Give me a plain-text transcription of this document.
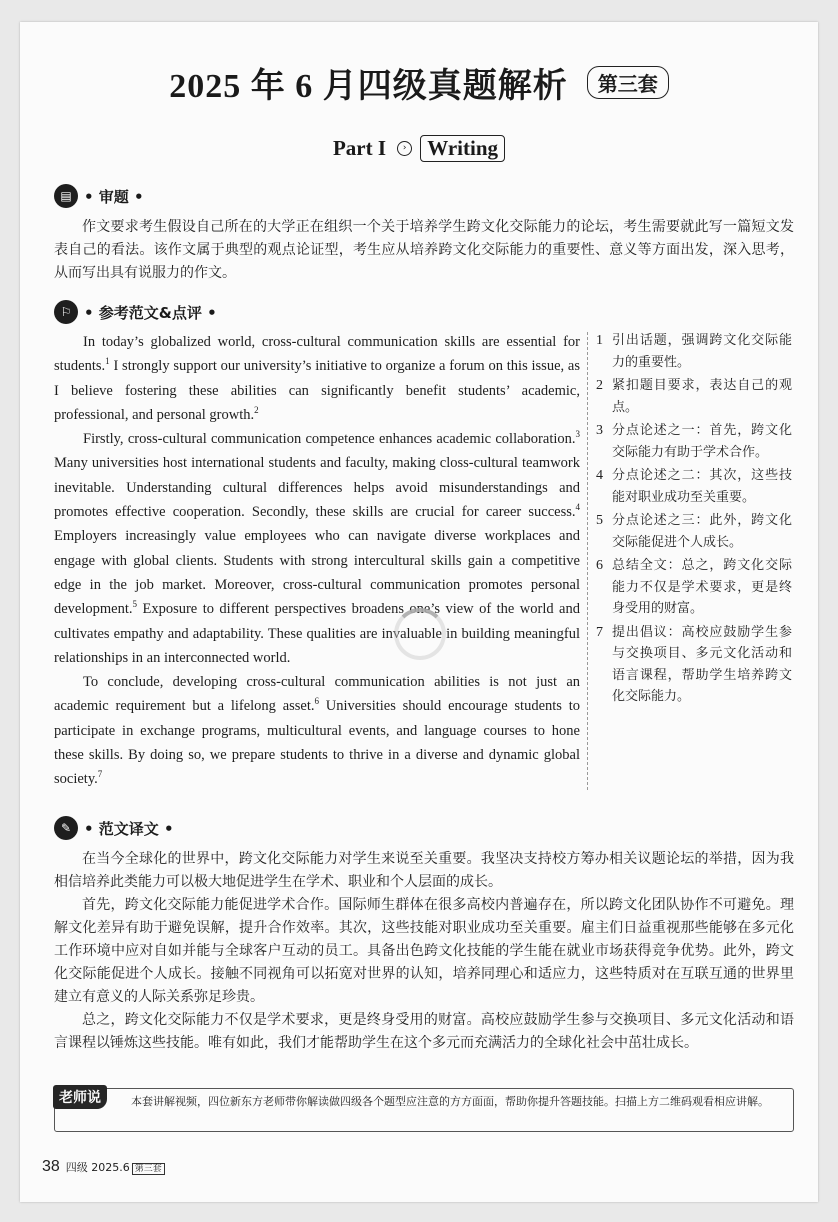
2025 年 6 月四级真题解析 第三套
Part I › Writing
▤ • 审题 •

作文要求考生假设自己所在的大学正在组织一个关于培养学生跨文化交际能力的论坛，考生需要就此写一篇短文发表自己的看法。该作文属于典型的观点论证型，考生应从培养跨文化交际能力的重要性、意义等方面出发，深入思考，从而写出具有说服力的作文。

⚐ • 参考范文&点评 •

In today’s globalized world, cross-cultural communication skills are essential for students.$^1$ I strongly support our university’s initiative to organize a forum on this issue, as I believe fostering these abilities can significantly benefit students’ academic, professional, and personal growth.$^2$

Firstly, cross-cultural communication competence enhances academic collaboration.$^3$ Many universities host international students and faculty, making closs-cultural teamwork inevitable. Understanding cultural differences helps avoid misunderstandings and promotes effective cooperation. Secondly, these skills are crucial for career success.$^4$ Employers increasingly value employees who can navigate diverse workplaces and engage with global clients. Students with strong intercultural skills gain a competitive edge in the job market. Moreover, cross-cultural communication promotes personal development.$^5$ Exposure to different perspectives broadens one’s view of the world and cultivates empathy and adaptability. These qualities are invaluable in building meaningful relationships in an interconnected world.

To conclude, developing cross-cultural communication abilities is not just an academic requirement but a lifelong asset.$^6$ Universities should encourage students to participate in exchange programs, multicultural events, and language courses to hone these skills. By doing so, we prepare students to thrive in a diverse and dynamic global society.$^7$

1 引出话题，强调跨文化交际能力的重要性。
2 紧扣题目要求，表达自己的观点。
3 分点论述之一：首先，跨文化交际能力有助于学术合作。
4 分点论述之二：其次，这些技能对职业成功至关重要。
5 分点论述之三：此外，跨文化交际能促进个人成长。
6 总结全文：总之，跨文化交际能力不仅是学术要求，更是终身受用的财富。
7 提出倡议：高校应鼓励学生参与交换项目、多元文化活动和语言课程，帮助学生培养跨文化交际能力。
✎ • 范文译文 •

在当今全球化的世界中，跨文化交际能力对学生来说至关重要。我坚决支持校方筹办相关议题论坛的举措，因为我相信培养此类能力可以极大地促进学生在学术、职业和个人层面的成长。

首先，跨文化交际能力能促进学术合作。国际师生群体在很多高校内普遍存在，所以跨文化团队协作不可避免。理解文化差异有助于避免误解，提升合作效率。其次，这些技能对职业成功至关重要。雇主们日益重视那些能够在多元化工作环境中应对自如并能与全球客户互动的员工。具备出色跨文化技能的学生能在就业市场获得竞争优势。此外，跨文化交际能促进个人成长。接触不同视角可以拓宽对世界的认知，培养同理心和适应力，这些特质对在互联互通的世界里建立有意义的人际关系弥足珍贵。

总之，跨文化交际能力不仅是学术要求，更是终身受用的财富。高校应鼓励学生参与交换项目、多元文化活动和语言课程以锤炼这些技能。唯有如此，我们才能帮助学生在这个多元而充满活力的全球化社会中茁壮成长。

老师说	本套讲解视频，四位新东方老师带你解读做四级各个题型应注意的方方面面，帮助你提升答题技能。扫描上方二维码观看相应讲解。
38 四级 2025.6 第三套
